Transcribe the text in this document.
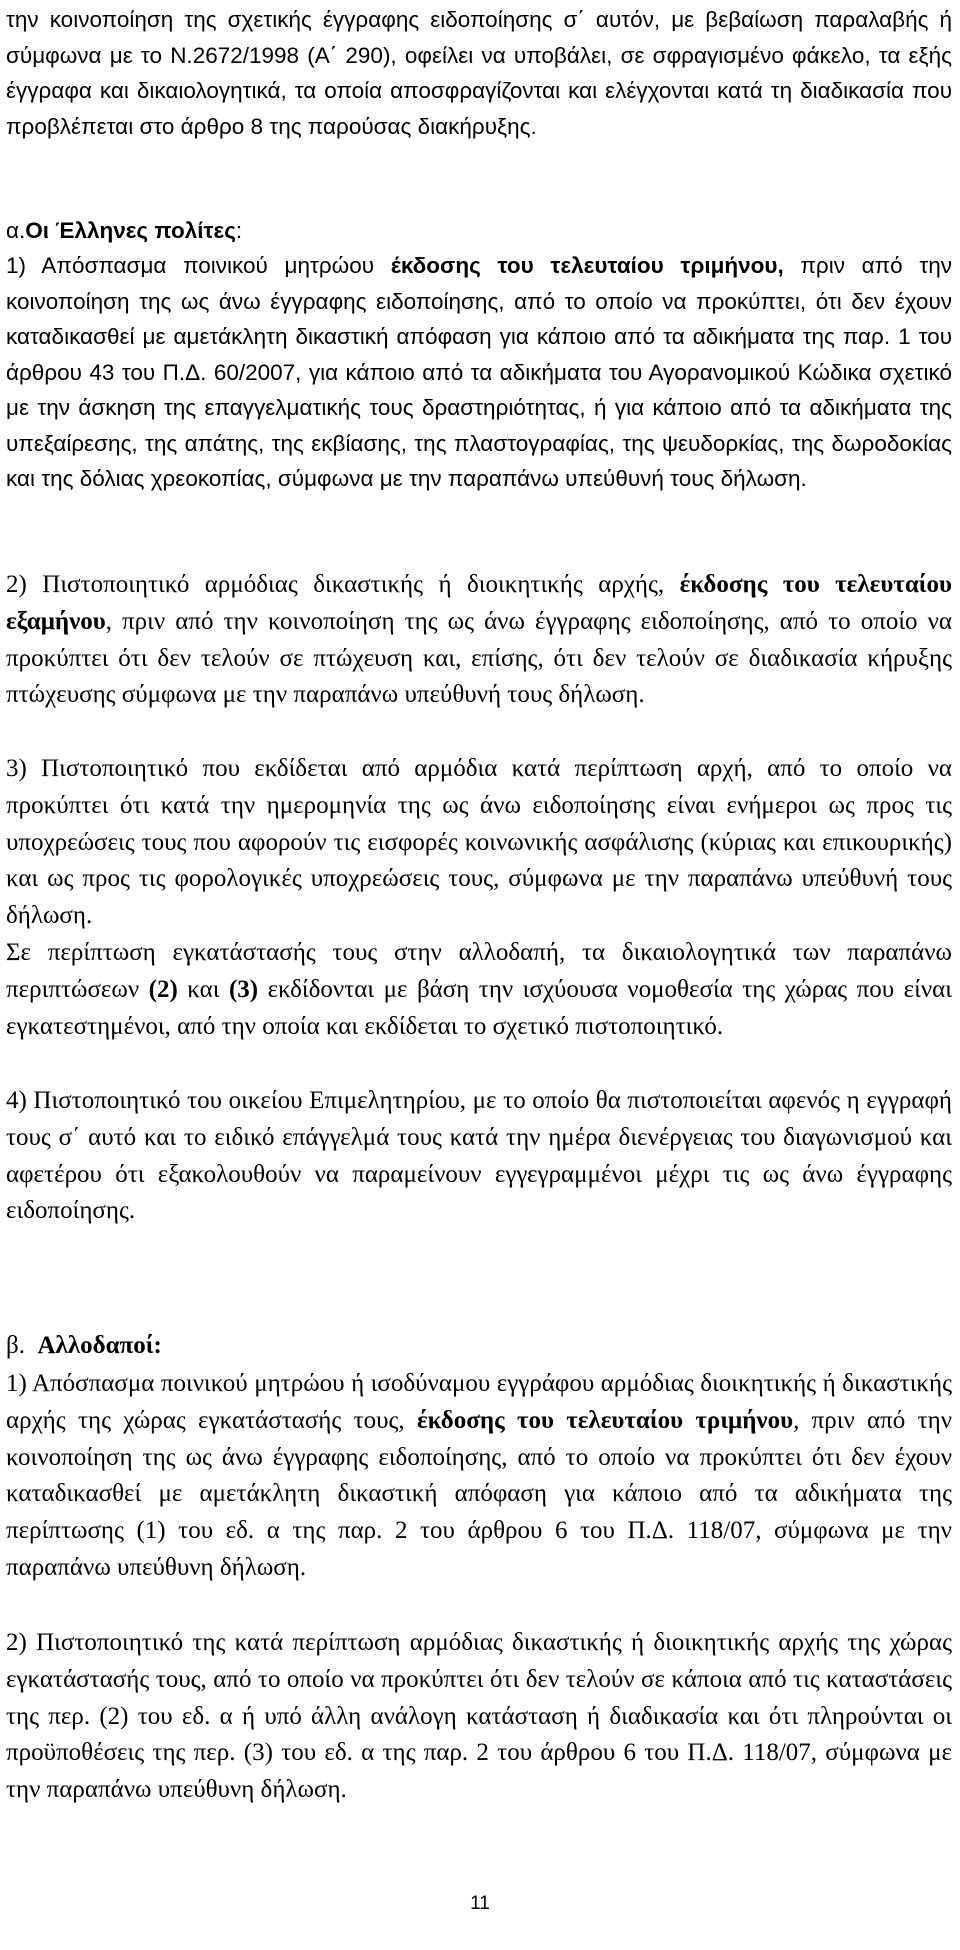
την κοινοποίηση της σχετικής έγγραφης ειδοποίησης σ΄ αυτόν, με βεβαίωση παραλαβής ή σύμφωνα με το Ν.2672/1998 (Α΄ 290), οφείλει να υποβάλει, σε σφραγισμένο φάκελο, τα εξής έγγραφα και δικαιολογητικά, τα οποία αποσφραγίζονται και ελέγχονται κατά τη διαδικασία που προβλέπεται στο άρθρο 8 της παρούσας διακήρυξης.

α.Οι Έλληνες πολίτες:

1) Απόσπασμα ποινικού μητρώου έκδοσης του τελευταίου τριμήνου, πριν από την κοινοποίηση της ως άνω έγγραφης ειδοποίησης, από το οποίο να προκύπτει, ότι δεν έχουν καταδικασθεί με αμετάκλητη δικαστική απόφαση για κάποιο από τα αδικήματα της παρ. 1 του άρθρου 43 του Π.Δ. 60/2007, για κάποιο από τα αδικήματα του Αγορανομικού Κώδικα σχετικό με την άσκηση της επαγγελματικής τους δραστηριότητας, ή για κάποιο από τα αδικήματα της υπεξαίρεσης, της απάτης, της εκβίασης, της πλαστογραφίας, της ψευδορκίας, της δωροδοκίας και της δόλιας χρεοκοπίας, σύμφωνα με την παραπάνω υπεύθυνή τους δήλωση.

2) Πιστοποιητικό αρμόδιας δικαστικής ή διοικητικής αρχής, έκδοσης του τελευταίου εξαμήνου, πριν από την κοινοποίηση της ως άνω έγγραφης ειδοποίησης, από το οποίο να προκύπτει ότι δεν τελούν σε πτώχευση και, επίσης, ότι δεν τελούν σε διαδικασία κήρυξης πτώχευσης σύμφωνα με την παραπάνω υπεύθυνή τους δήλωση.

3) Πιστοποιητικό που εκδίδεται από αρμόδια κατά περίπτωση αρχή, από το οποίο να προκύπτει ότι κατά την ημερομηνία της ως άνω ειδοποίησης είναι ενήμεροι ως προς τις υποχρεώσεις τους που αφορούν τις εισφορές κοινωνικής ασφάλισης (κύριας και επικουρικής) και ως προς τις φορολογικές υποχρεώσεις τους, σύμφωνα με την παραπάνω υπεύθυνή τους δήλωση.

Σε περίπτωση εγκατάστασής τους στην αλλοδαπή, τα δικαιολογητικά των παραπάνω περιπτώσεων (2) και (3) εκδίδονται με βάση την ισχύουσα νομοθεσία της χώρας που είναι εγκατεστημένοι, από την οποία και εκδίδεται το σχετικό πιστοποιητικό.

4) Πιστοποιητικό του οικείου Επιμελητηρίου, με το οποίο θα πιστοποιείται αφενός η εγγραφή τους σ΄ αυτό και το ειδικό επάγγελμά τους κατά την ημέρα διενέργειας του διαγωνισμού και αφετέρου ότι εξακολουθούν να παραμείνουν εγγεγραμμένοι μέχρι τις ως άνω έγγραφης ειδοποίησης.

β. Αλλοδαποί:

1) Απόσπασμα ποινικού μητρώου ή ισοδύναμου εγγράφου αρμόδιας διοικητικής ή δικαστικής αρχής της χώρας εγκατάστασής τους, έκδοσης του τελευταίου τριμήνου, πριν από την κοινοποίηση της ως άνω έγγραφης ειδοποίησης, από το οποίο να προκύπτει ότι δεν έχουν καταδικασθεί με αμετάκλητη δικαστική απόφαση για κάποιο από τα αδικήματα της περίπτωσης (1) του εδ. α της παρ. 2 του άρθρου 6 του Π.Δ. 118/07, σύμφωνα με την παραπάνω υπεύθυνη δήλωση.

2) Πιστοποιητικό της κατά περίπτωση αρμόδιας δικαστικής ή διοικητικής αρχής της χώρας εγκατάστασής τους, από το οποίο να προκύπτει ότι δεν τελούν σε κάποια από τις καταστάσεις της περ. (2) του εδ. α ή υπό άλλη ανάλογη κατάσταση ή διαδικασία και ότι πληρούνται οι προϋποθέσεις της περ. (3) του εδ. α της παρ. 2 του άρθρου 6 του Π.Δ. 118/07, σύμφωνα με την παραπάνω υπεύθυνη δήλωση.

11
